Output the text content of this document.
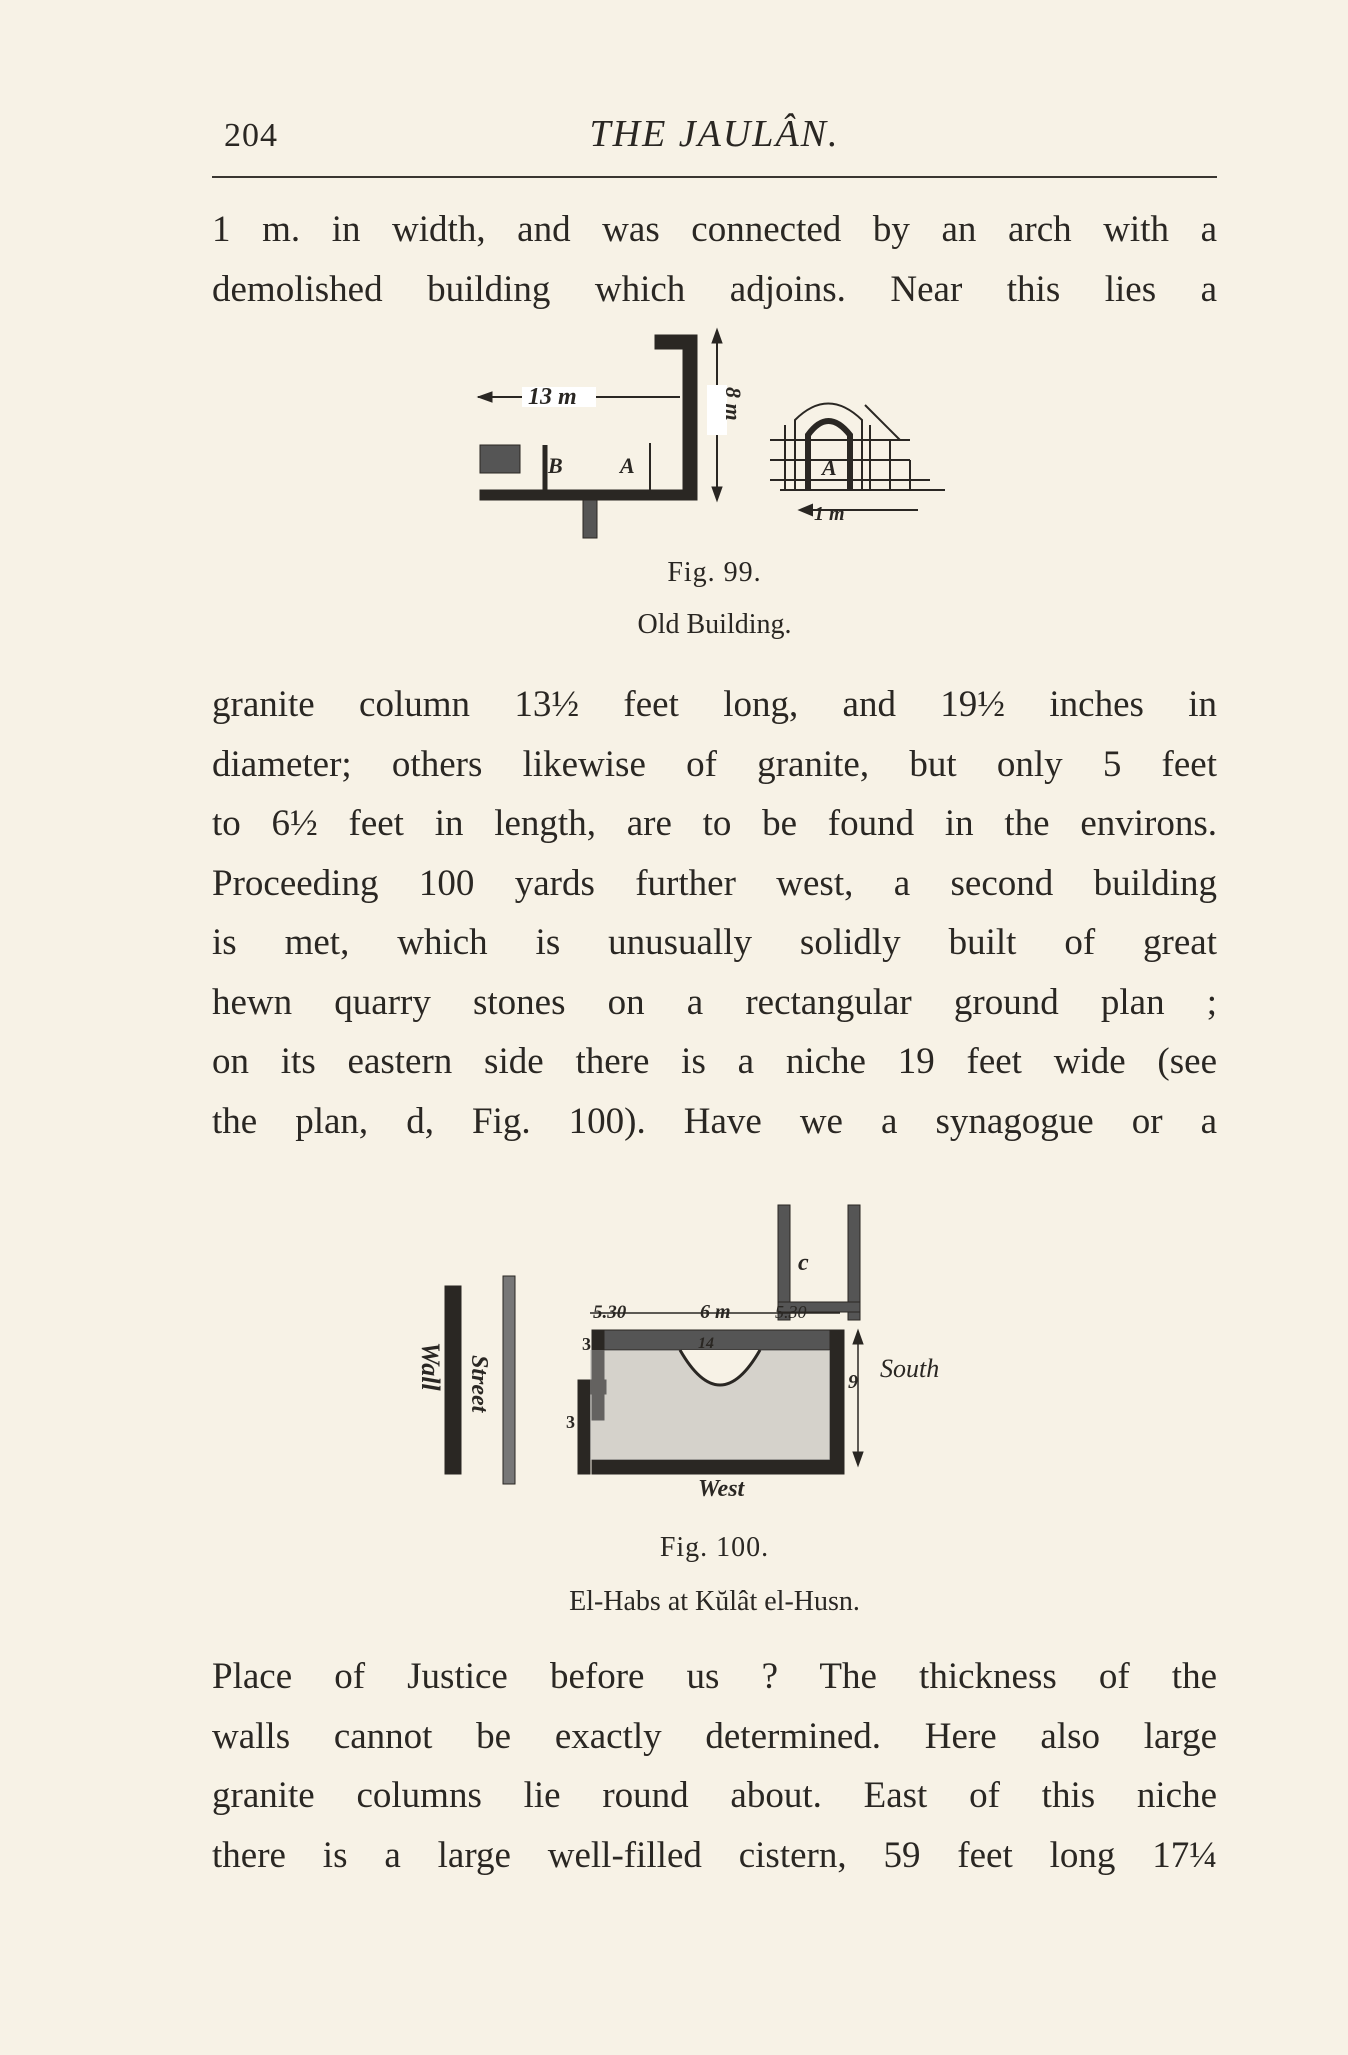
204	THE JAULÂN.
1 m. in width, and was connected by an arch with a
demolished building which adjoins. Near this lies a
13 m	8 m
B	A	A
1 m
Fig. 99.
Old Building.
granite column 13½ feet long, and 19½ inches in
diameter; others likewise of granite, but only 5 feet
to 6½ feet in length, are to be found in the environs.
Proceeding 100 yards further west, a second building
is met, which is unusually solidly built of great
hewn quarry stones on a rectangular ground plan ;
on its eastern side there is a niche 19 feet wide (see
the plan, d, Fig. 100). Have we a synagogue or a
c
5.30	6 m 5.30
9 South
West
3
3
14
Wall Street
Fig. 100.
El-Habs at Kŭlât el-Husn.
Place of Justice before us ? The thickness of the
walls cannot be exactly determined. Here also large
granite columns lie round about. East of this niche
there is a large well-filled cistern, 59 feet long 17¼
